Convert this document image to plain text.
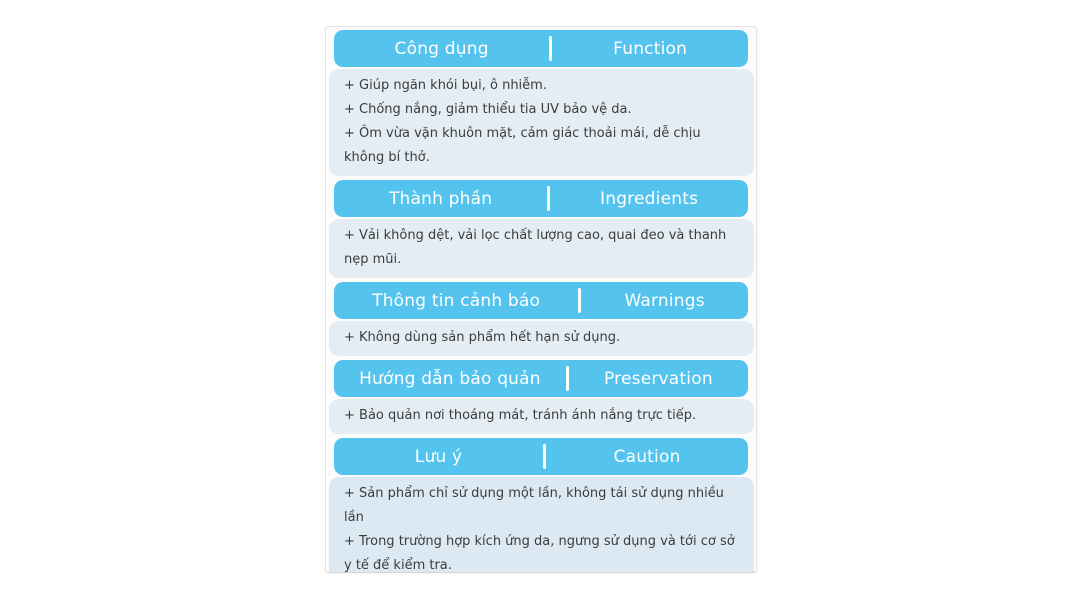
Công dụng	Function

+ Giúp ngăn khói bụi, ô nhiễm.

+ Chống nắng, giảm thiểu tia UV bảo vệ da.

+ Ôm vừa vặn khuôn mặt, cảm giác thoải mái, dễ chịu không bí thở.

Thành phần	Ingredients

+ Vải không dệt, vải lọc chất lượng cao, quai đeo và thanh nẹp mũi.

Thông tin cảnh báo	Warnings

+ Không dùng sản phẩm hết hạn sử dụng.

Hướng dẫn bảo quản	Preservation

+ Bảo quản nơi thoáng mát, tránh ánh nắng trực tiếp.

Lưu ý	Caution

+ Sản phẩm chỉ sử dụng một lần, không tái sử dụng nhiều lần

+ Trong trường hợp kích ứng da, ngưng sử dụng và tới cơ sở y tế để kiểm tra.
